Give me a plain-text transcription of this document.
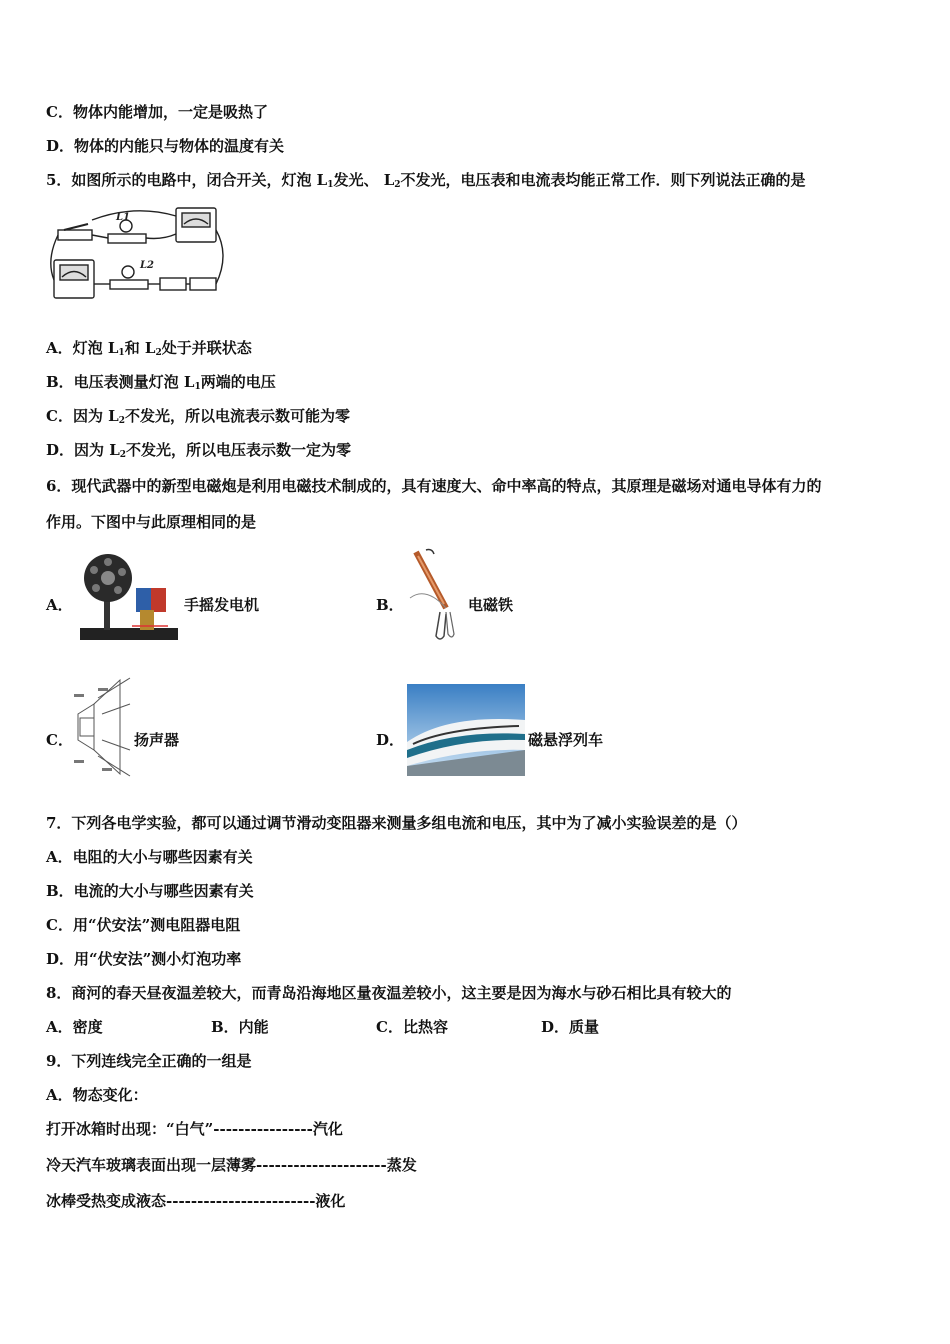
C．物体内能增加，一定是吸热了
D．物体的内能只与物体的温度有关
5．如图所示的电路中，闭合开关，灯泡 $L_1$发光、 $L_2$不发光，电压表和电流表均能正常工作．则下列说法正确的是
L1
L2
A．灯泡 $L_1$和 $L_2$处于并联状态
B．电压表测量灯泡 $L_1$两端的电压
C．因为 $L_2$不发光，所以电流表示数可能为零
D．因为 $L_2$不发光，所以电压表示数一定为零
6．现代武器中的新型电磁炮是利用电磁技术制成的，具有速度大、命中率高的特点，其原理是磁场对通电导体有力的
作用。下图中与此原理相同的是
A．	手摇发电机	B．	电磁铁
C．	扬声器	D．	磁悬浮列车
7．下列各电学实验，都可以通过调节滑动变阻器来测量多组电流和电压，其中为了减小实验误差的是（）
A．电阻的大小与哪些因素有关
B．电流的大小与哪些因素有关
C．用“伏安法”测电阻器电阻
D．用“伏安法”测小灯泡功率
8．商河的春天昼夜温差较大，而青岛沿海地区量夜温差较小，这主要是因为海水与砂石相比具有较大的
A．密度	B．内能	C．比热容	D．质量
9．下列连线完全正确的一组是
A．物态变化：
打开冰箱时出现：“白气”----------------汽化
冷天汽车玻璃表面出现一层薄雾---------------------蒸发
冰棒受热变成液态------------------------液化
